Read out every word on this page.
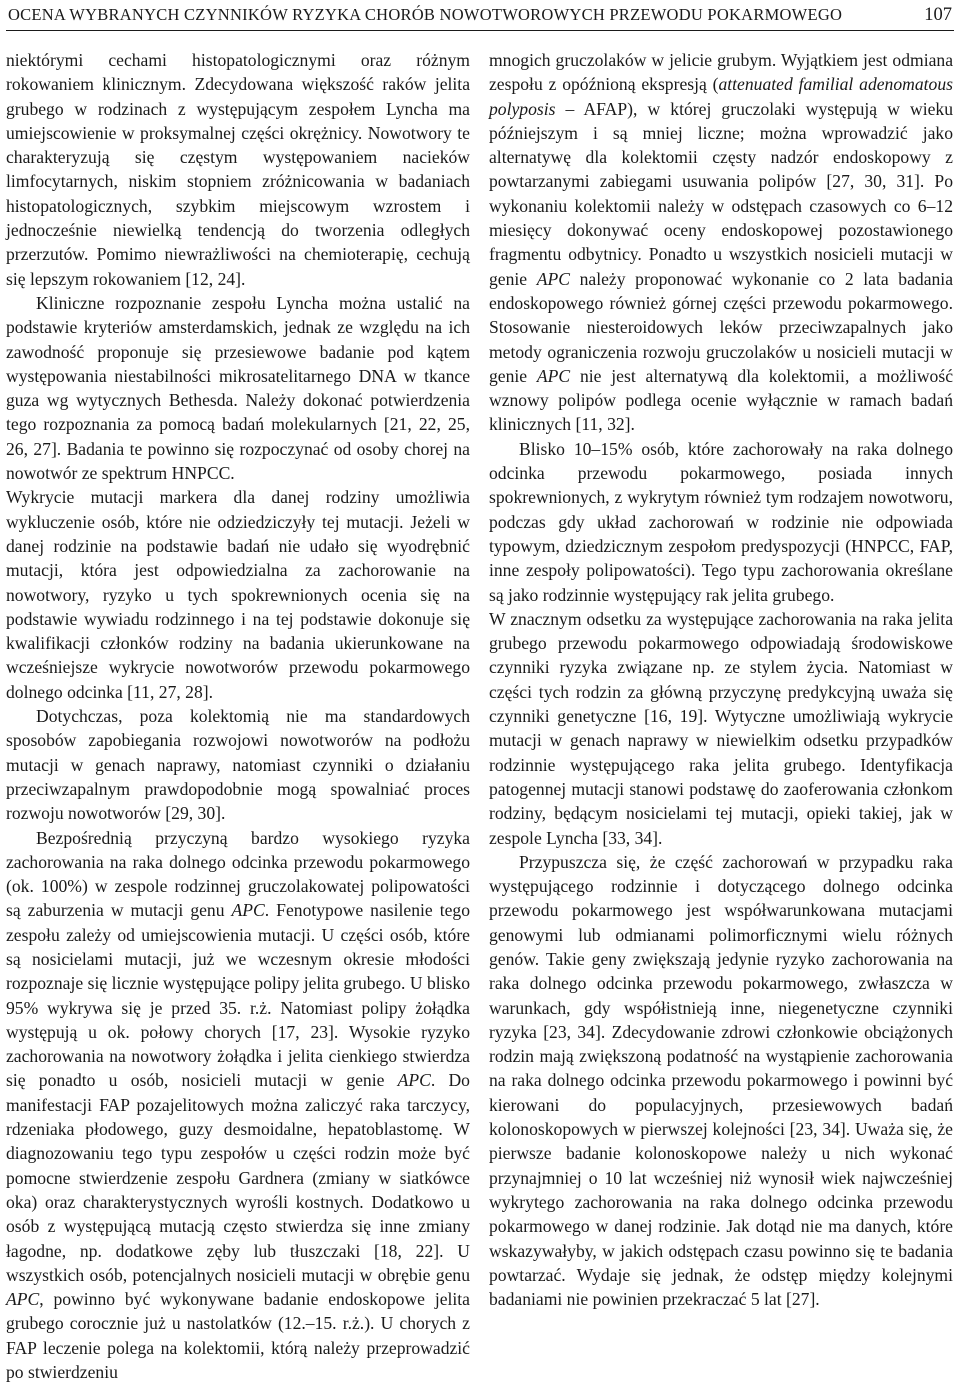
OCENA WYBRANYCH CZYNNIKÓW RYZYKA CHORÓB NOWOTWOROWYCH PRZEWODU POKARMOWEGO	107

niektórymi cechami histopatologicznymi oraz różnym rokowaniem klinicznym. Zdecydowana większość raków jelita grubego w rodzinach z występującym zespołem Lyncha ma umiejscowienie w proksymalnej części okrężnicy. Nowotwory te charakteryzują się częstym występowaniem nacieków limfocytarnych, niskim stopniem zróżnicowania w badaniach histopatologicznych, szybkim miejscowym wzrostem i jednocześnie niewielką tendencją do tworzenia odległych przerzutów. Pomimo niewrażliwości na chemioterapię, cechują się lepszym rokowaniem [12, 24].

Kliniczne rozpoznanie zespołu Lyncha można ustalić na podstawie kryteriów amsterdamskich, jednak ze względu na ich zawodność proponuje się przesiewowe badanie pod kątem występowania niestabilności mikrosatelitarnego DNA w tkance guza wg wytycznych Bethesda. Należy dokonać potwierdzenia tego rozpoznania za pomocą badań molekularnych [21, 22, 25, 26, 27]. Badania te powinno się rozpoczynać od osoby chorej na nowotwór ze spektrum HNPCC.

Wykrycie mutacji markera dla danej rodziny umożliwia wykluczenie osób, które nie odziedziczyły tej mutacji. Jeżeli w danej rodzinie na podstawie badań nie udało się wyodrębnić mutacji, która jest odpowiedzialna za zachorowanie na nowotwory, ryzyko u tych spokrewnionych ocenia się na podstawie wywiadu rodzinnego i na tej podstawie dokonuje się kwalifikacji członków rodziny na badania ukierunkowane na wcześniejsze wykrycie nowotworów przewodu pokarmowego dolnego odcinka [11, 27, 28].

Dotychczas, poza kolektomią nie ma standardowych sposobów zapobiegania rozwojowi nowotworów na podłożu mutacji w genach naprawy, natomiast czynniki o działaniu przeciwzapalnym prawdopodobnie mogą spowalniać proces rozwoju nowotworów [29, 30].

Bezpośrednią przyczyną bardzo wysokiego ryzyka zachorowania na raka dolnego odcinka przewodu pokarmowego (ok. 100%) w zespole rodzinnej gruczolakowatej polipowatości są zaburzenia w mutacji genu APC. Fenotypowe nasilenie tego zespołu zależy od umiejscowienia mutacji. U części osób, które są nosicielami mutacji, już we wczesnym okresie młodości rozpoznaje się licznie występujące polipy jelita grubego. U blisko 95% wykrywa się je przed 35. r.ż. Natomiast polipy żołądka występują u ok. połowy chorych [17, 23]. Wysokie ryzyko zachorowania na nowotwory żołądka i jelita cienkiego stwierdza się ponadto u osób, nosicieli mutacji w genie APC. Do manifestacji FAP pozajelitowych można zaliczyć raka tarczycy, rdzeniaka płodowego, guzy desmoidalne, hepatoblastomę. W diagnozowaniu tego typu zespołów u części rodzin może być pomocne stwierdzenie zespołu Gardnera (zmiany w siatkówce oka) oraz charakterystycznych wyrośli kostnych. Dodatkowo u osób z występującą mutacją często stwierdza się inne zmiany łagodne, np. dodatkowe zęby lub tłuszczaki [18, 22]. U wszystkich osób, potencjalnych nosicieli mutacji w obrębie genu APC, powinno być wykonywane badanie endoskopowe jelita grubego corocznie już u nastolatków (12.–15. r.ż.). U chorych z FAP leczenie polega na kolektomii, którą należy przeprowadzić po stwierdzeniu

mnogich gruczolaków w jelicie grubym. Wyjątkiem jest odmiana zespołu z opóźnioną ekspresją (attenuated familial adenomatous polyposis – AFAP), w której gruczolaki występują w wieku późniejszym i są mniej liczne; można wprowadzić jako alternatywę dla kolektomii częsty nadzór endoskopowy z powtarzanymi zabiegami usuwania polipów [27, 30, 31]. Po wykonaniu kolektomii należy w odstępach czasowych co 6–12 miesięcy dokonywać oceny endoskopowej pozostawionego fragmentu odbytnicy. Ponadto u wszystkich nosicieli mutacji w genie APC należy proponować wykonanie co 2 lata badania endoskopowego również górnej części przewodu pokarmowego. Stosowanie niesteroidowych leków przeciwzapalnych jako metody ograniczenia rozwoju gruczolaków u nosicieli mutacji w genie APC nie jest alternatywą dla kolektomii, a możliwość wznowy polipów podlega ocenie wyłącznie w ramach badań klinicznych [11, 32].

Blisko 10–15% osób, które zachorowały na raka dolnego odcinka przewodu pokarmowego, posiada innych spokrewnionych, z wykrytym również tym rodzajem nowotworu, podczas gdy układ zachorowań w rodzinie nie odpowiada typowym, dziedzicznym zespołom predyspozycji (HNPCC, FAP, inne zespoły polipowatości). Tego typu zachorowania określane są jako rodzinnie występujący rak jelita grubego.

W znacznym odsetku za występujące zachorowania na raka jelita grubego przewodu pokarmowego odpowiadają środowiskowe czynniki ryzyka związane np. ze stylem życia. Natomiast w części tych rodzin za główną przyczynę predykcyjną uważa się czynniki genetyczne [16, 19]. Wytyczne umożliwiają wykrycie mutacji w genach naprawy w niewielkim odsetku przypadków rodzinnie występującego raka jelita grubego. Identyfikacja patogennej mutacji stanowi podstawę do zaoferowania członkom rodziny, będącym nosicielami tej mutacji, opieki takiej, jak w zespole Lyncha [33, 34].

Przypuszcza się, że część zachorowań w przypadku raka występującego rodzinnie i dotyczącego dolnego odcinka przewodu pokarmowego jest współwarunkowana mutacjami genowymi lub odmianami polimorficznymi wielu różnych genów. Takie geny zwiększają jedynie ryzyko zachorowania na raka dolnego odcinka przewodu pokarmowego, zwłaszcza w warunkach, gdy współistnieją inne, niegenetyczne czynniki ryzyka [23, 34]. Zdecydowanie zdrowi członkowie obciążonych rodzin mają zwiększoną podatność na wystąpienie zachorowania na raka dolnego odcinka przewodu pokarmowego i powinni być kierowani do populacyjnych, przesiewowych badań kolonoskopowych w pierwszej kolejności [23, 34]. Uważa się, że pierwsze badanie kolonoskopowe należy u nich wykonać przynajmniej o 10 lat wcześniej niż wynosił wiek najwcześniej wykrytego zachorowania na raka dolnego odcinka przewodu pokarmowego w danej rodzinie. Jak dotąd nie ma danych, które wskazywałyby, w jakich odstępach czasu powinno się te badania powtarzać. Wydaje się jednak, że odstęp między kolejnymi badaniami nie powinien przekraczać 5 lat [27].
